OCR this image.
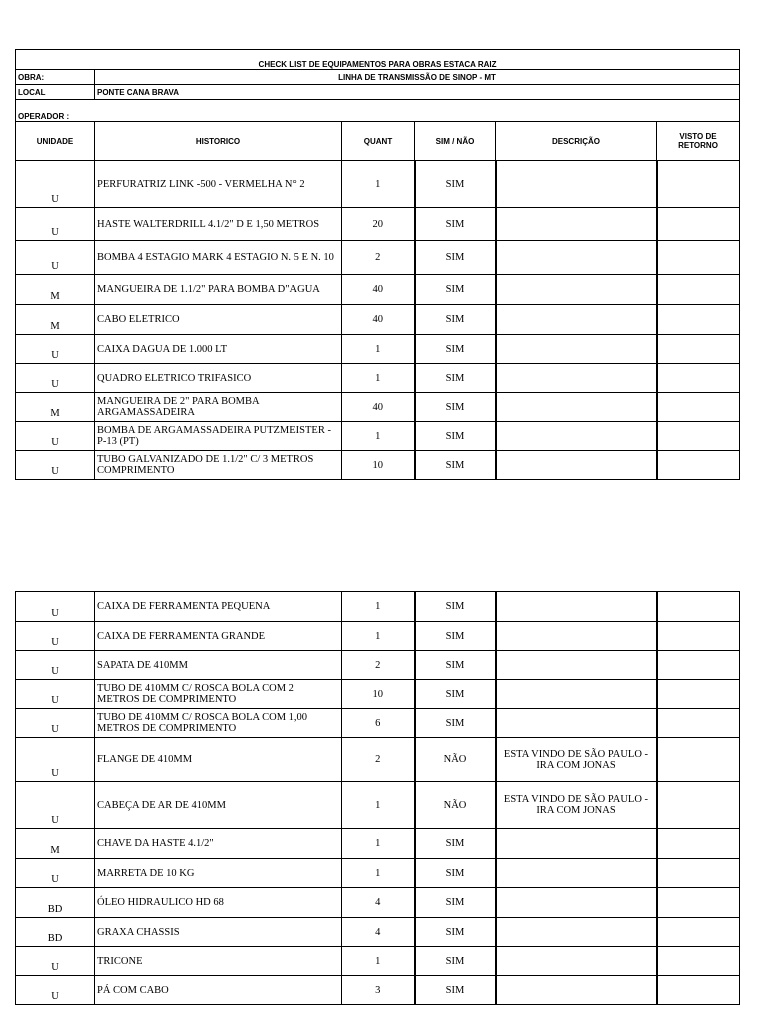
CHECK LIST DE EQUIPAMENTOS PARA OBRAS ESTACA RAIZ					
OBRA:	LINHA DE TRANSMISSÃO DE SINOP - MT				
LOCAL	PONTE CANA BRAVA				
OPERADOR :					
UNIDADE	HISTORICO	QUANT	SIM / NÃO	DESCRIÇÃO	VISTO DE RETORNO
U	PERFURATRIZ LINK -500 - VERMELHA N° 2	1	SIM		
U	HASTE WALTERDRILL 4.1/2" D E 1,50 METROS	20	SIM		
U	BOMBA 4 ESTAGIO MARK 4 ESTAGIO N. 5 E N. 10	2	SIM		
M	MANGUEIRA DE 1.1/2" PARA BOMBA D"AGUA	40	SIM		
M	CABO ELETRICO	40	SIM		
U	CAIXA DAGUA DE 1.000 LT	1	SIM		
U	QUADRO ELETRICO TRIFASICO	1	SIM		
M	MANGUEIRA DE 2" PARA BOMBA ARGAMASSADEIRA	40	SIM		
U	BOMBA DE ARGAMASSADEIRA PUTZMEISTER - P-13 (PT)	1	SIM		
U	TUBO GALVANIZADO DE 1.1/2" C/ 3 METROS COMPRIMENTO	10	SIM		
U	CAIXA DE FERRAMENTA PEQUENA	1	SIM		
U	CAIXA DE FERRAMENTA GRANDE	1	SIM		
U	SAPATA DE 410MM	2	SIM		
U	TUBO DE 410MM C/ ROSCA BOLA COM 2 METROS DE COMPRIMENTO	10	SIM		
U	TUBO DE 410MM C/ ROSCA BOLA COM 1,00 METROS DE COMPRIMENTO	6	SIM		
U	FLANGE DE 410MM	2	NÃO	ESTA VINDO DE SÃO PAULO - IRA COM JONAS	
U	CABEÇA DE AR DE 410MM	1	NÃO	ESTA VINDO DE SÃO PAULO - IRA COM JONAS	
M	CHAVE DA HASTE 4.1/2"	1	SIM		
U	MARRETA DE 10 KG	1	SIM		
BD	ÓLEO HIDRAULICO HD 68	4	SIM		
BD	GRAXA CHASSIS	4	SIM		
U	TRICONE	1	SIM		
U	PÁ COM CABO	3	SIM		
